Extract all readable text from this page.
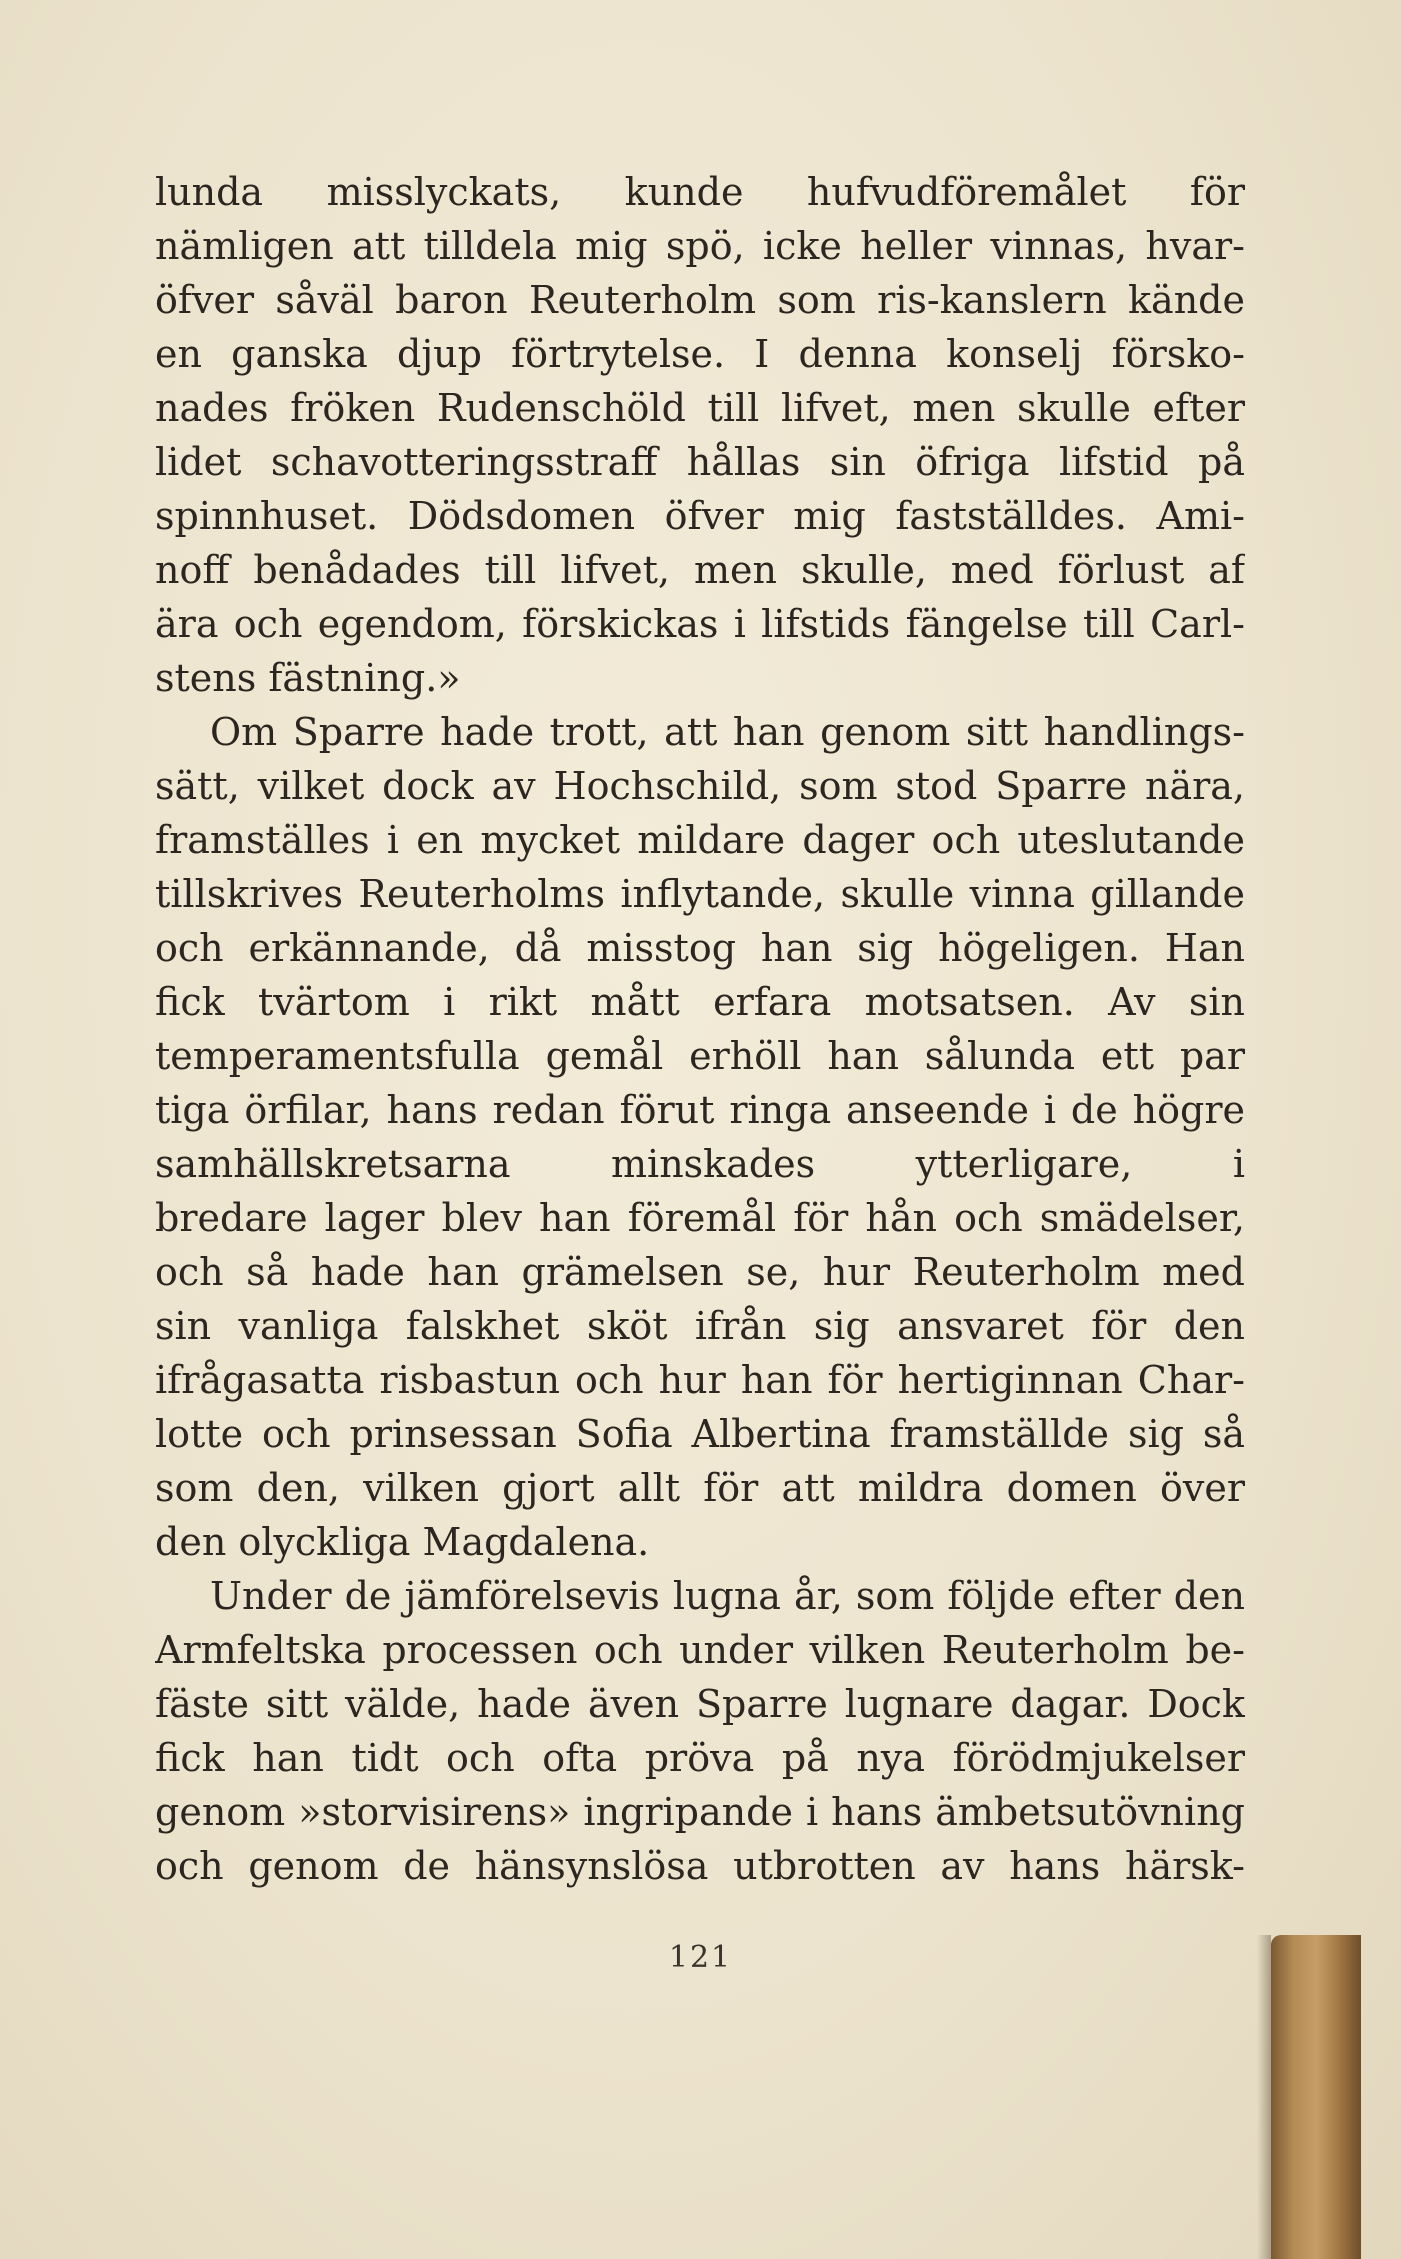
lunda misslyckats, kunde hufvudföremålet för
nämligen att tilldela mig spö, icke heller vinnas, hvar-
öfver såväl baron Reuterholm som ris-kanslern kände
en ganska djup förtrytelse. I denna konselj försko-
nades fröken Rudenschöld till lifvet, men skulle efter
lidet schavotteringsstraff hållas sin öfriga lifstid på
spinnhuset. Dödsdomen öfver mig fastställdes. Ami-
noff benådades till lifvet, men skulle, med förlust af
ära och egendom, förskickas i lifstids fängelse till Carl-
stens fästning.»
Om Sparre hade trott, att han genom sitt handlings-
sätt, vilket dock av Hochschild, som stod Sparre nära,
framställes i en mycket mildare dager och uteslutande
tillskrives Reuterholms inflytande, skulle vinna gillande
och erkännande, då misstog han sig högeligen. Han
fick tvärtom i rikt mått erfara motsatsen. Av sin
temperamentsfulla gemål erhöll han sålunda ett par
tiga örfilar, hans redan förut ringa anseende i de högre
samhällskretsarna minskades ytterligare, i
bredare lager blev han föremål för hån och smädelser,
och så hade han grämelsen se, hur Reuterholm med
sin vanliga falskhet sköt ifrån sig ansvaret för den
ifrågasatta risbastun och hur han för hertiginnan Char-
lotte och prinsessan Sofia Albertina framställde sig så
som den, vilken gjort allt för att mildra domen över
den olyckliga Magdalena.
Under de jämförelsevis lugna år, som följde efter den
Armfeltska processen och under vilken Reuterholm be-
fäste sitt välde, hade även Sparre lugnare dagar. Dock
fick han tidt och ofta pröva på nya förödmjukelser
genom »storvisirens» ingripande i hans ämbetsutövning
och genom de hänsynslösa utbrotten av hans härsk-
121
